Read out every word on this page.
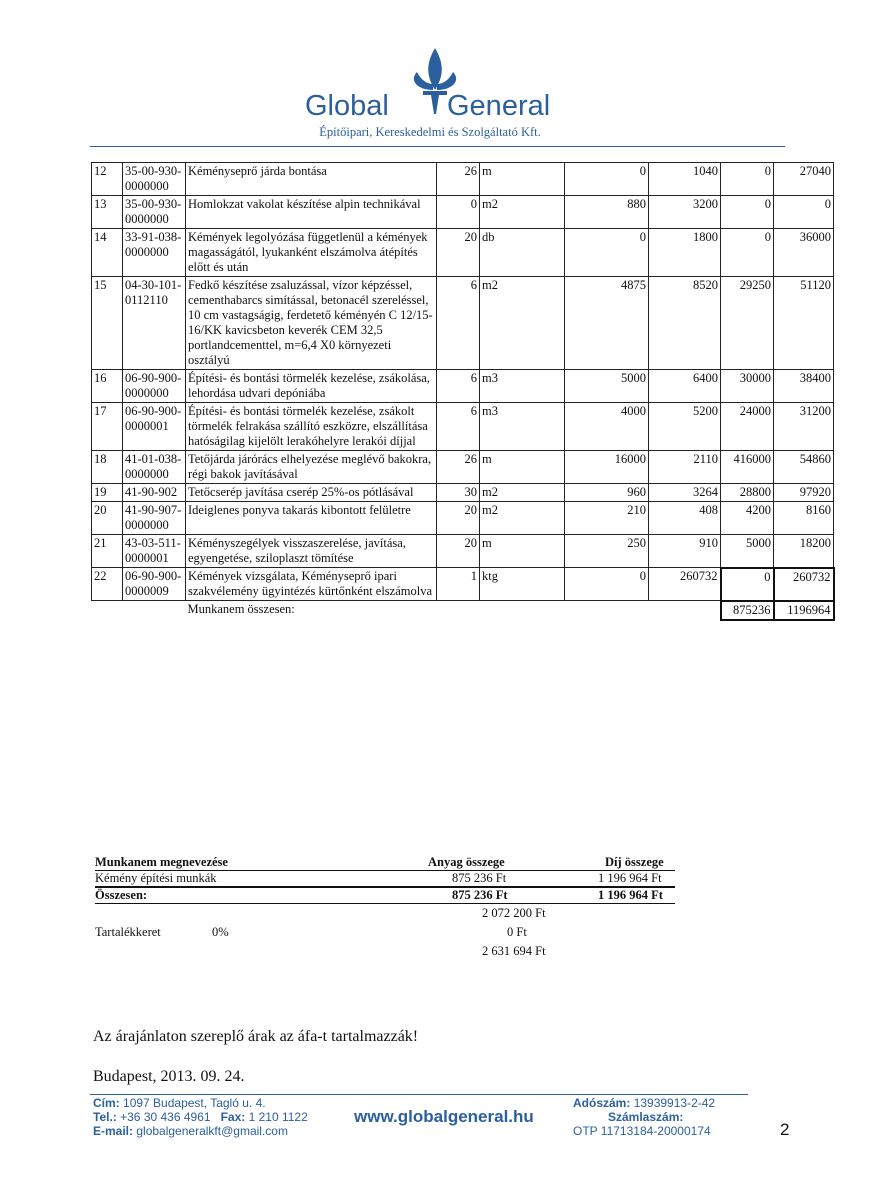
Global General
Építőipari, Kereskedelmi és Szolgáltató Kft.
12	35-00-930-0000000	Kéményseprő járda bontása	26	m	0	1040	0	27040
13	35-00-930-0000000	Homlokzat vakolat készítése alpin technikával	0	m2	880	3200	0	0
14	33-91-038-0000000	Kémények legolyózása függetlenül a kémények magasságától, lyukanként elszámolva átépítés előtt és után	20	db	0	1800	0	36000
15	04-30-101-0112110	Fedkő készítése zsaluzással, vízor képzéssel, cementhabarcs simítással, betonacél szereléssel, 10 cm vastagságig, ferdetető kéményén C 12/15-16/KK kavicsbeton keverék CEM 32,5 portlandcementtel, m=6,4 X0 környezeti osztályú	6	m2	4875	8520	29250	51120
16	06-90-900-0000000	Építési- és bontási törmelék kezelése, zsákolása, lehordása udvari depóniába	6	m3	5000	6400	30000	38400
17	06-90-900-0000001	Építési- és bontási törmelék kezelése, zsákolt törmelék felrakása szállító eszközre, elszállítása hatóságilag kijelölt lerakóhelyre lerakói díjjal	6	m3	4000	5200	24000	31200
18	41-01-038-0000000	Tetőjárda járórács elhelyezése meglévő bakokra, régi bakok javításával	26	m	16000	2110	416000	54860
19	41-90-902	Tetőcserép javítása cserép 25%-os pótlásával	30	m2	960	3264	28800	97920
20	41-90-907-0000000	Ideiglenes ponyva takarás kibontott felületre	20	m2	210	408	4200	8160
21	43-03-511-0000001	Kéményszegélyek visszaszerelése, javítása, egyengetése, sziloplaszt tömítése	20	m	250	910	5000	18200
22	06-90-900-0000009	Kémények vizsgálata, Kéményseprő ipari szakvélemény ügyintézés kürtőnként elszámolva	1	ktg	0	260732	0	260732
		Munkanem összesen:					875236	1196964
Munkanem megnevezése	Anyag összege	Díj összege
Kémény építési munkák	875 236 Ft	1 196 964 Ft
Összesen:	875 236 Ft	1 196 964 Ft
2 072 200 Ft
Tartalékkeret	0%	0 Ft
2 631 694 Ft
Az árajánlaton szereplő árak az áfa-t tartalmazzák!
Budapest, 2013. 09. 24.
Cím: 1097 Budapest, Tagló u. 4.
Tel.: +36 30 436 4961 Fax: 1 210 1122
E-mail: globalgeneralkft@gmail.com
www.globalgeneral.hu
Adószám: 13939913-2-42
Számlaszám:
OTP 11713184-20000174	2
